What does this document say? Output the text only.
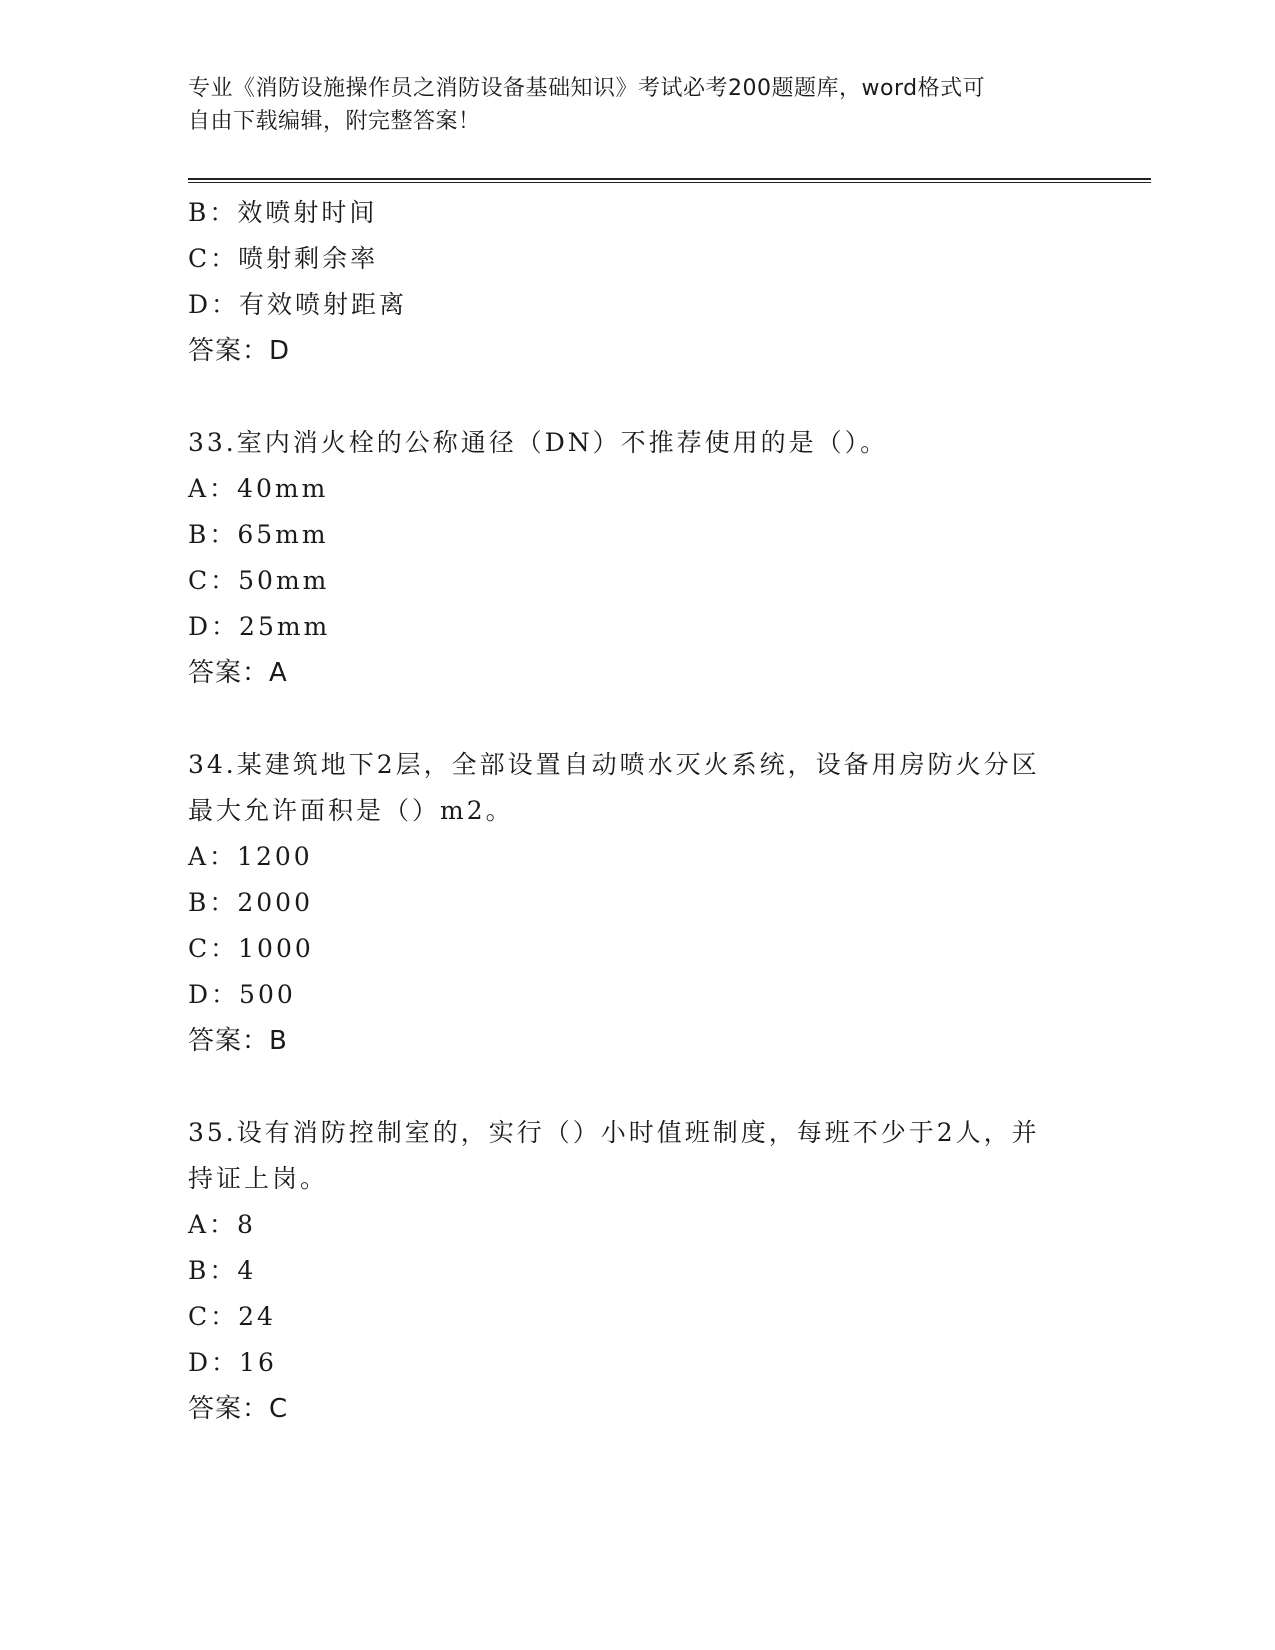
专业《消防设施操作员之消防设备基础知识》考试必考200题题库，word格式可
自由下载编辑，附完整答案！
B：效喷射时间
C：喷射剩余率
D：有效喷射距离
答案：D
33.室内消火栓的公称通径（DN）不推荐使用的是（）。
A：40mm
B：65mm
C：50mm
D：25mm
答案：A
34.某建筑地下2层，全部设置自动喷水灭火系统，设备用房防火分区
最大允许面积是（）m2。
A：1200
B：2000
C：1000
D：500
答案：B
35.设有消防控制室的，实行（）小时值班制度，每班不少于2人，并
持证上岗。
A：8
B：4
C：24
D：16
答案：C
